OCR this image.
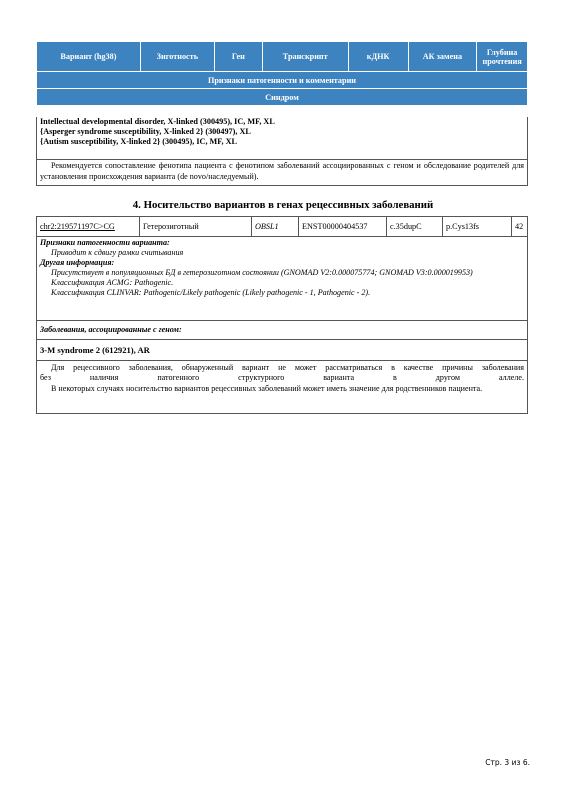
Вариант (hg38)	Зиготность	Ген	Транскрипт	кДНК	АК замена	Глубина прочтения
Признаки патогенности и комментарии
Синдром
Intellectual developmental disorder, X-linked (300495), IC, MF, XL
{Asperger syndrome susceptibility, X-linked 2} (300497), XL
{Autism susceptibility, X-linked 2} (300495), IC, MF, XL
Рекомендуется сопоставление фенотипа пациента с фенотипом заболеваний ассоциированных с геном и обследование родителей для установления происхождения варианта (de novo/наследуемый).
4. Носительство вариантов в генах рецессивных заболеваний
chr2:219571197C>CG	Гетерозиготный	OBSL1	ENST00000404537	c.35dupC	p.Cys13fs	42
Признаки патогенности варианта:
Приводит к сдвигу рамки считывания
Другая информация:
Присутствует в популяционных БД в гетерозиготном состоянии (GNOMAD V2:0.000075774; GNOMAD V3:0.000019953)
Классификация ACMG: Pathogenic.
Классификация CLINVAR: Pathogenic/Likely pathogenic (Likely pathogenic - 1, Pathogenic - 2).
Заболевания, ассоциированные с геном:
3-M syndrome 2 (612921), AR
Для рецессивного заболевания, обнаруженный вариант не может рассматриваться в качестве причины заболевания
без наличия патогенного структурного варианта в другом аллеле.
В некоторых случаях носительство вариантов рецессивных заболеваний может иметь значение для родственников пациента.
Стр. 3 из 6.
